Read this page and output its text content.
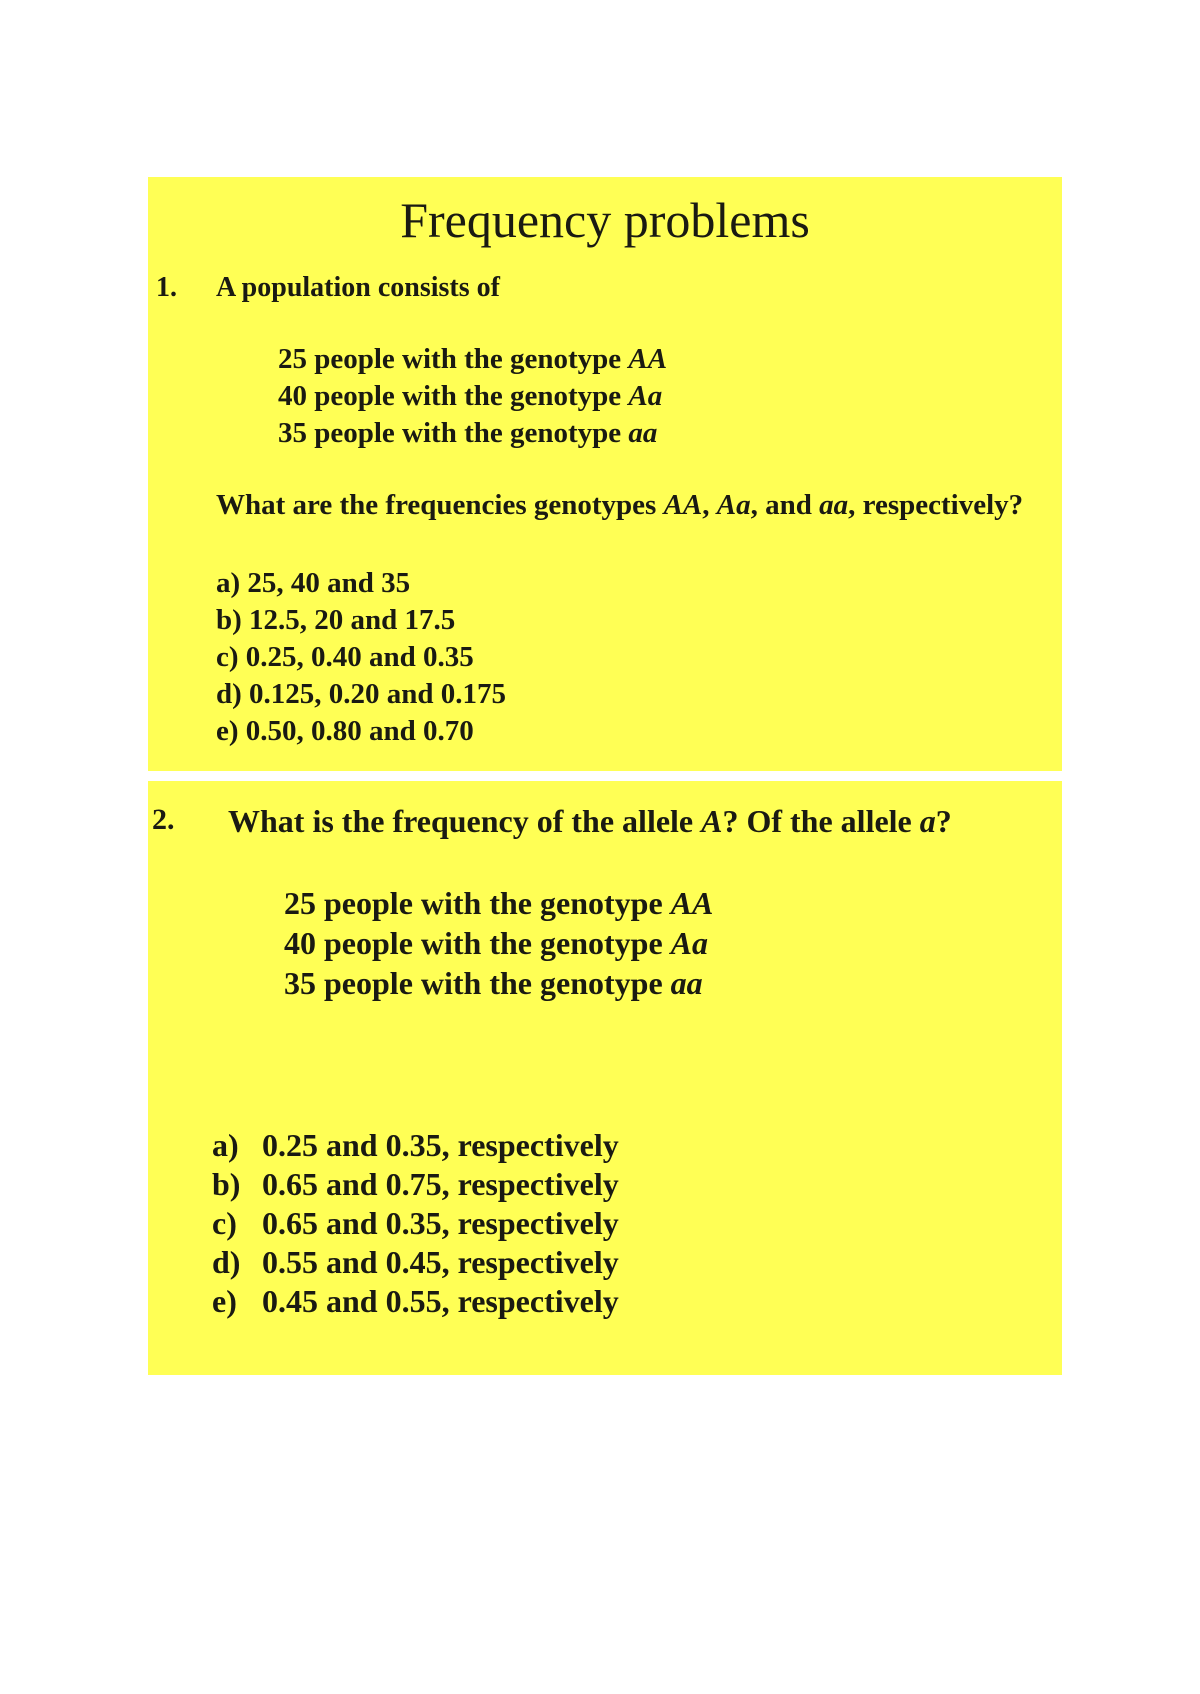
Frequency problems
1. A population consists of
25 people with the genotype AA
40 people with the genotype Aa
35 people with the genotype aa
What are the frequencies genotypes AA, Aa, and aa, respectively?
a) 25, 40 and 35
b) 12.5, 20 and 17.5
c) 0.25, 0.40 and 0.35
d) 0.125, 0.20 and 0.175
e) 0.50, 0.80 and 0.70
2. What is the frequency of the allele A? Of the allele a?
25 people with the genotype AA
40 people with the genotype Aa
35 people with the genotype aa
a) 0.25 and 0.35, respectively
b) 0.65 and 0.75, respectively
c) 0.65 and 0.35, respectively
d) 0.55 and 0.45, respectively
e) 0.45 and 0.55, respectively
